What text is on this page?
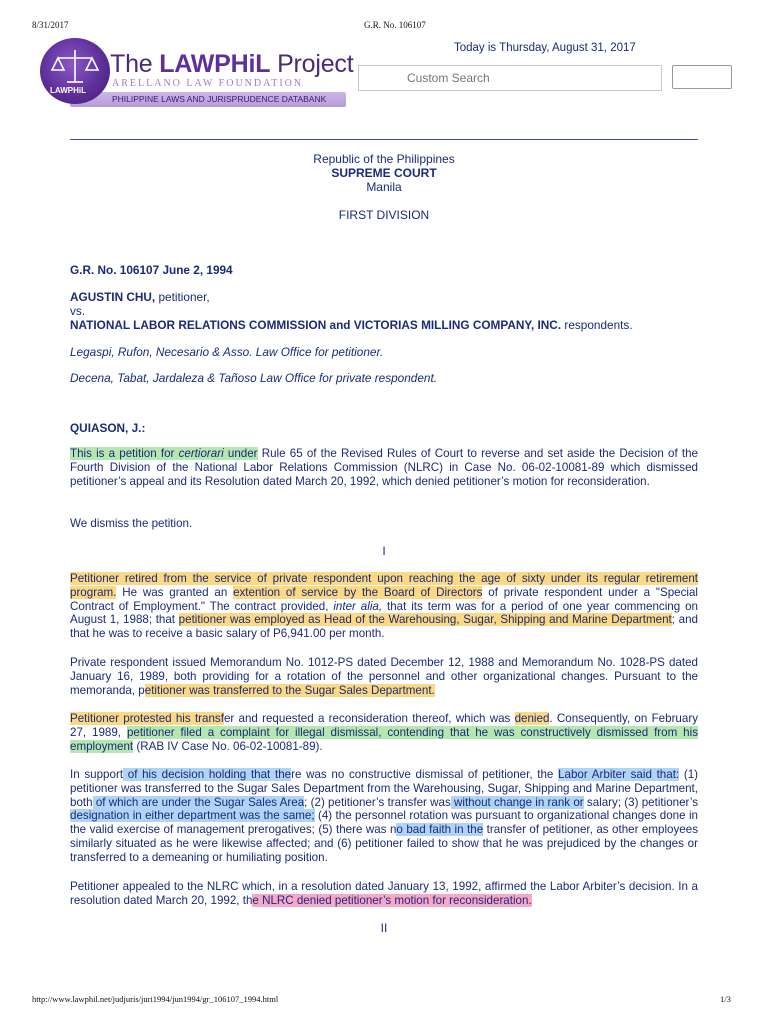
8/31/2017	G.R. No. 106107
LAWPHiL
The LAWPHiL Project
ARELLANO LAW FOUNDATION
PHILIPPINE LAWS AND JURISPRUDENCE DATABANK
Today is Thursday, August 31, 2017
Custom Search
Republic of the Philippines
SUPREME COURT
Manila
FIRST DIVISION
G.R. No. 106107 June 2, 1994
AGUSTIN CHU, petitioner,
vs.
NATIONAL LABOR RELATIONS COMMISSION and VICTORIAS MILLING COMPANY, INC. respondents.
Legaspi, Rufon, Necesario & Asso. Law Office for petitioner.
Decena, Tabat, Jardaleza & Tañoso Law Office for private respondent.
QUIASON, J.:
This is a petition for certiorari under Rule 65 of the Revised Rules of Court to reverse and set aside the Decision of the Fourth Division of the National Labor Relations Commission (NLRC) in Case No. 06-02-10081-89 which dismissed petitioner’s appeal and its Resolution dated March 20, 1992, which denied petitioner’s motion for reconsideration.
We dismiss the petition.
I
Petitioner retired from the service of private respondent upon reaching the age of sixty under its regular retirement program. He was granted an extention of service by the Board of Directors of private respondent under a "Special Contract of Employment." The contract provided, inter alia, that its term was for a period of one year commencing on August 1, 1988; that petitioner was employed as Head of the Warehousing, Sugar, Shipping and Marine Department; and that he was to receive a basic salary of P6,941.00 per month.
Private respondent issued Memorandum No. 1012-PS dated December 12, 1988 and Memorandum No. 1028-PS dated January 16, 1989, both providing for a rotation of the personnel and other organizational changes. Pursuant to the memoranda, petitioner was transferred to the Sugar Sales Department.
Petitioner protested his transfer and requested a reconsideration thereof, which was denied. Consequently, on February 27, 1989, petitioner filed a complaint for illegal dismissal, contending that he was constructively dismissed from his employment (RAB IV Case No. 06-02-10081-89).
In support of his decision holding that there was no constructive dismissal of petitioner, the Labor Arbiter said that: (1) petitioner was transferred to the Sugar Sales Department from the Warehousing, Sugar, Shipping and Marine Department, both of which are under the Sugar Sales Area; (2) petitioner’s transfer was without change in rank or salary; (3) petitioner’s designation in either department was the same; (4) the personnel rotation was pursuant to organizational changes done in the valid exercise of management prerogatives; (5) there was no bad faith in the transfer of petitioner, as other employees similarly situated as he were likewise affected; and (6) petitioner failed to show that he was prejudiced by the changes or transferred to a demeaning or humiliating position.
Petitioner appealed to the NLRC which, in a resolution dated January 13, 1992, affirmed the Labor Arbiter’s decision. In a resolution dated March 20, 1992, the NLRC denied petitioner’s motion for reconsideration.
II
http://www.lawphil.net/judjuris/juri1994/jun1994/gr_106107_1994.html	1/3
